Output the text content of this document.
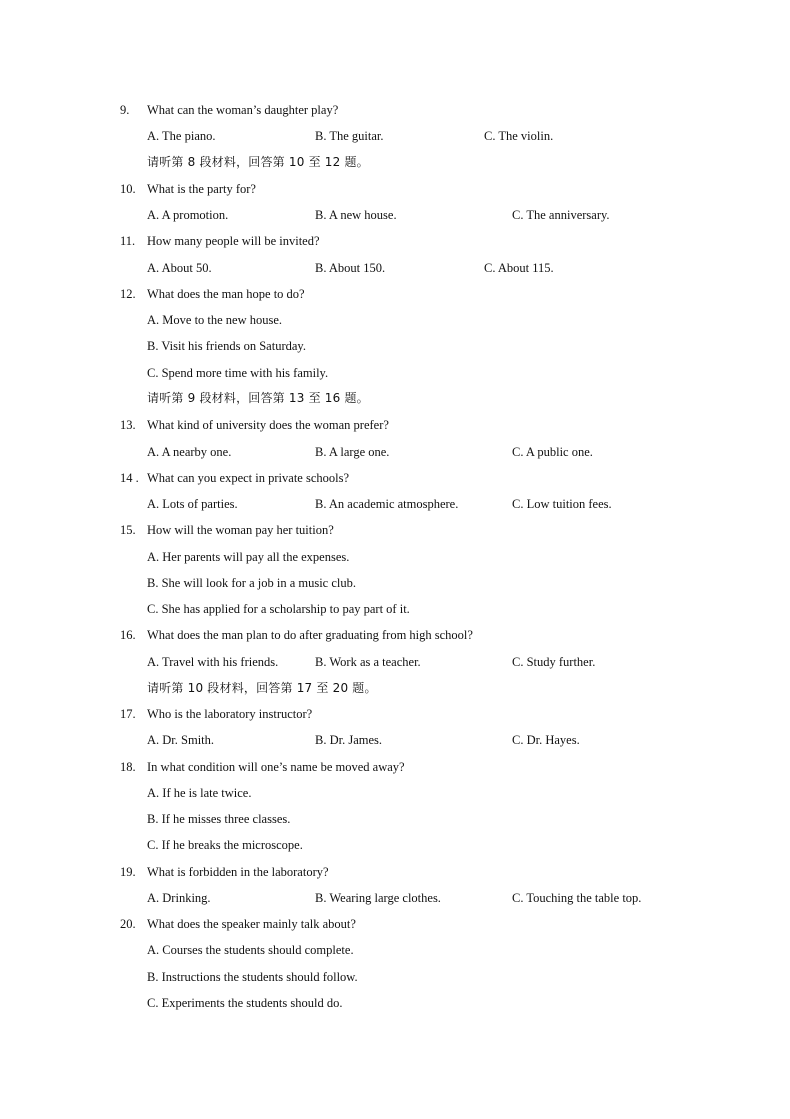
9. What can the woman’s daughter play?
A. The piano.	B. The guitar.	C. The violin.
请听第 8 段材料，回答第 10 至 12 题。
10. What is the party for?
A. A promotion.	B. A new house.	C. The anniversary.
11. How many people will be invited?
A. About 50.	B. About 150.	C. About 115.
12. What does the man hope to do?
A. Move to the new house.
B. Visit his friends on Saturday.
C. Spend more time with his family.
请听第 9 段材料，回答第 13 至 16 题。
13. What kind of university does the woman prefer?
A. A nearby one.	B. A large one.	C. A public one.
14 . What can you expect in private schools?
A. Lots of parties.	B. An academic atmosphere.	C. Low tuition fees.
15. How will the woman pay her tuition?
A. Her parents will pay all the expenses.
B. She will look for a job in a music club.
C. She has applied for a scholarship to pay part of it.
16. What does the man plan to do after graduating from high school?
A. Travel with his friends.	B. Work as a teacher.	C. Study further.
请听第 10 段材料，回答第 17 至 20 题。
17. Who is the laboratory instructor?
A. Dr. Smith.	B. Dr. James.	C. Dr. Hayes.
18. In what condition will one’s name be moved away?
A. If he is late twice.
B. If he misses three classes.
C. If he breaks the microscope.
19. What is forbidden in the laboratory?
A. Drinking.	B. Wearing large clothes.	C. Touching the table top.
20. What does the speaker mainly talk about?
A. Courses the students should complete.
B. Instructions the students should follow.
C. Experiments the students should do.
